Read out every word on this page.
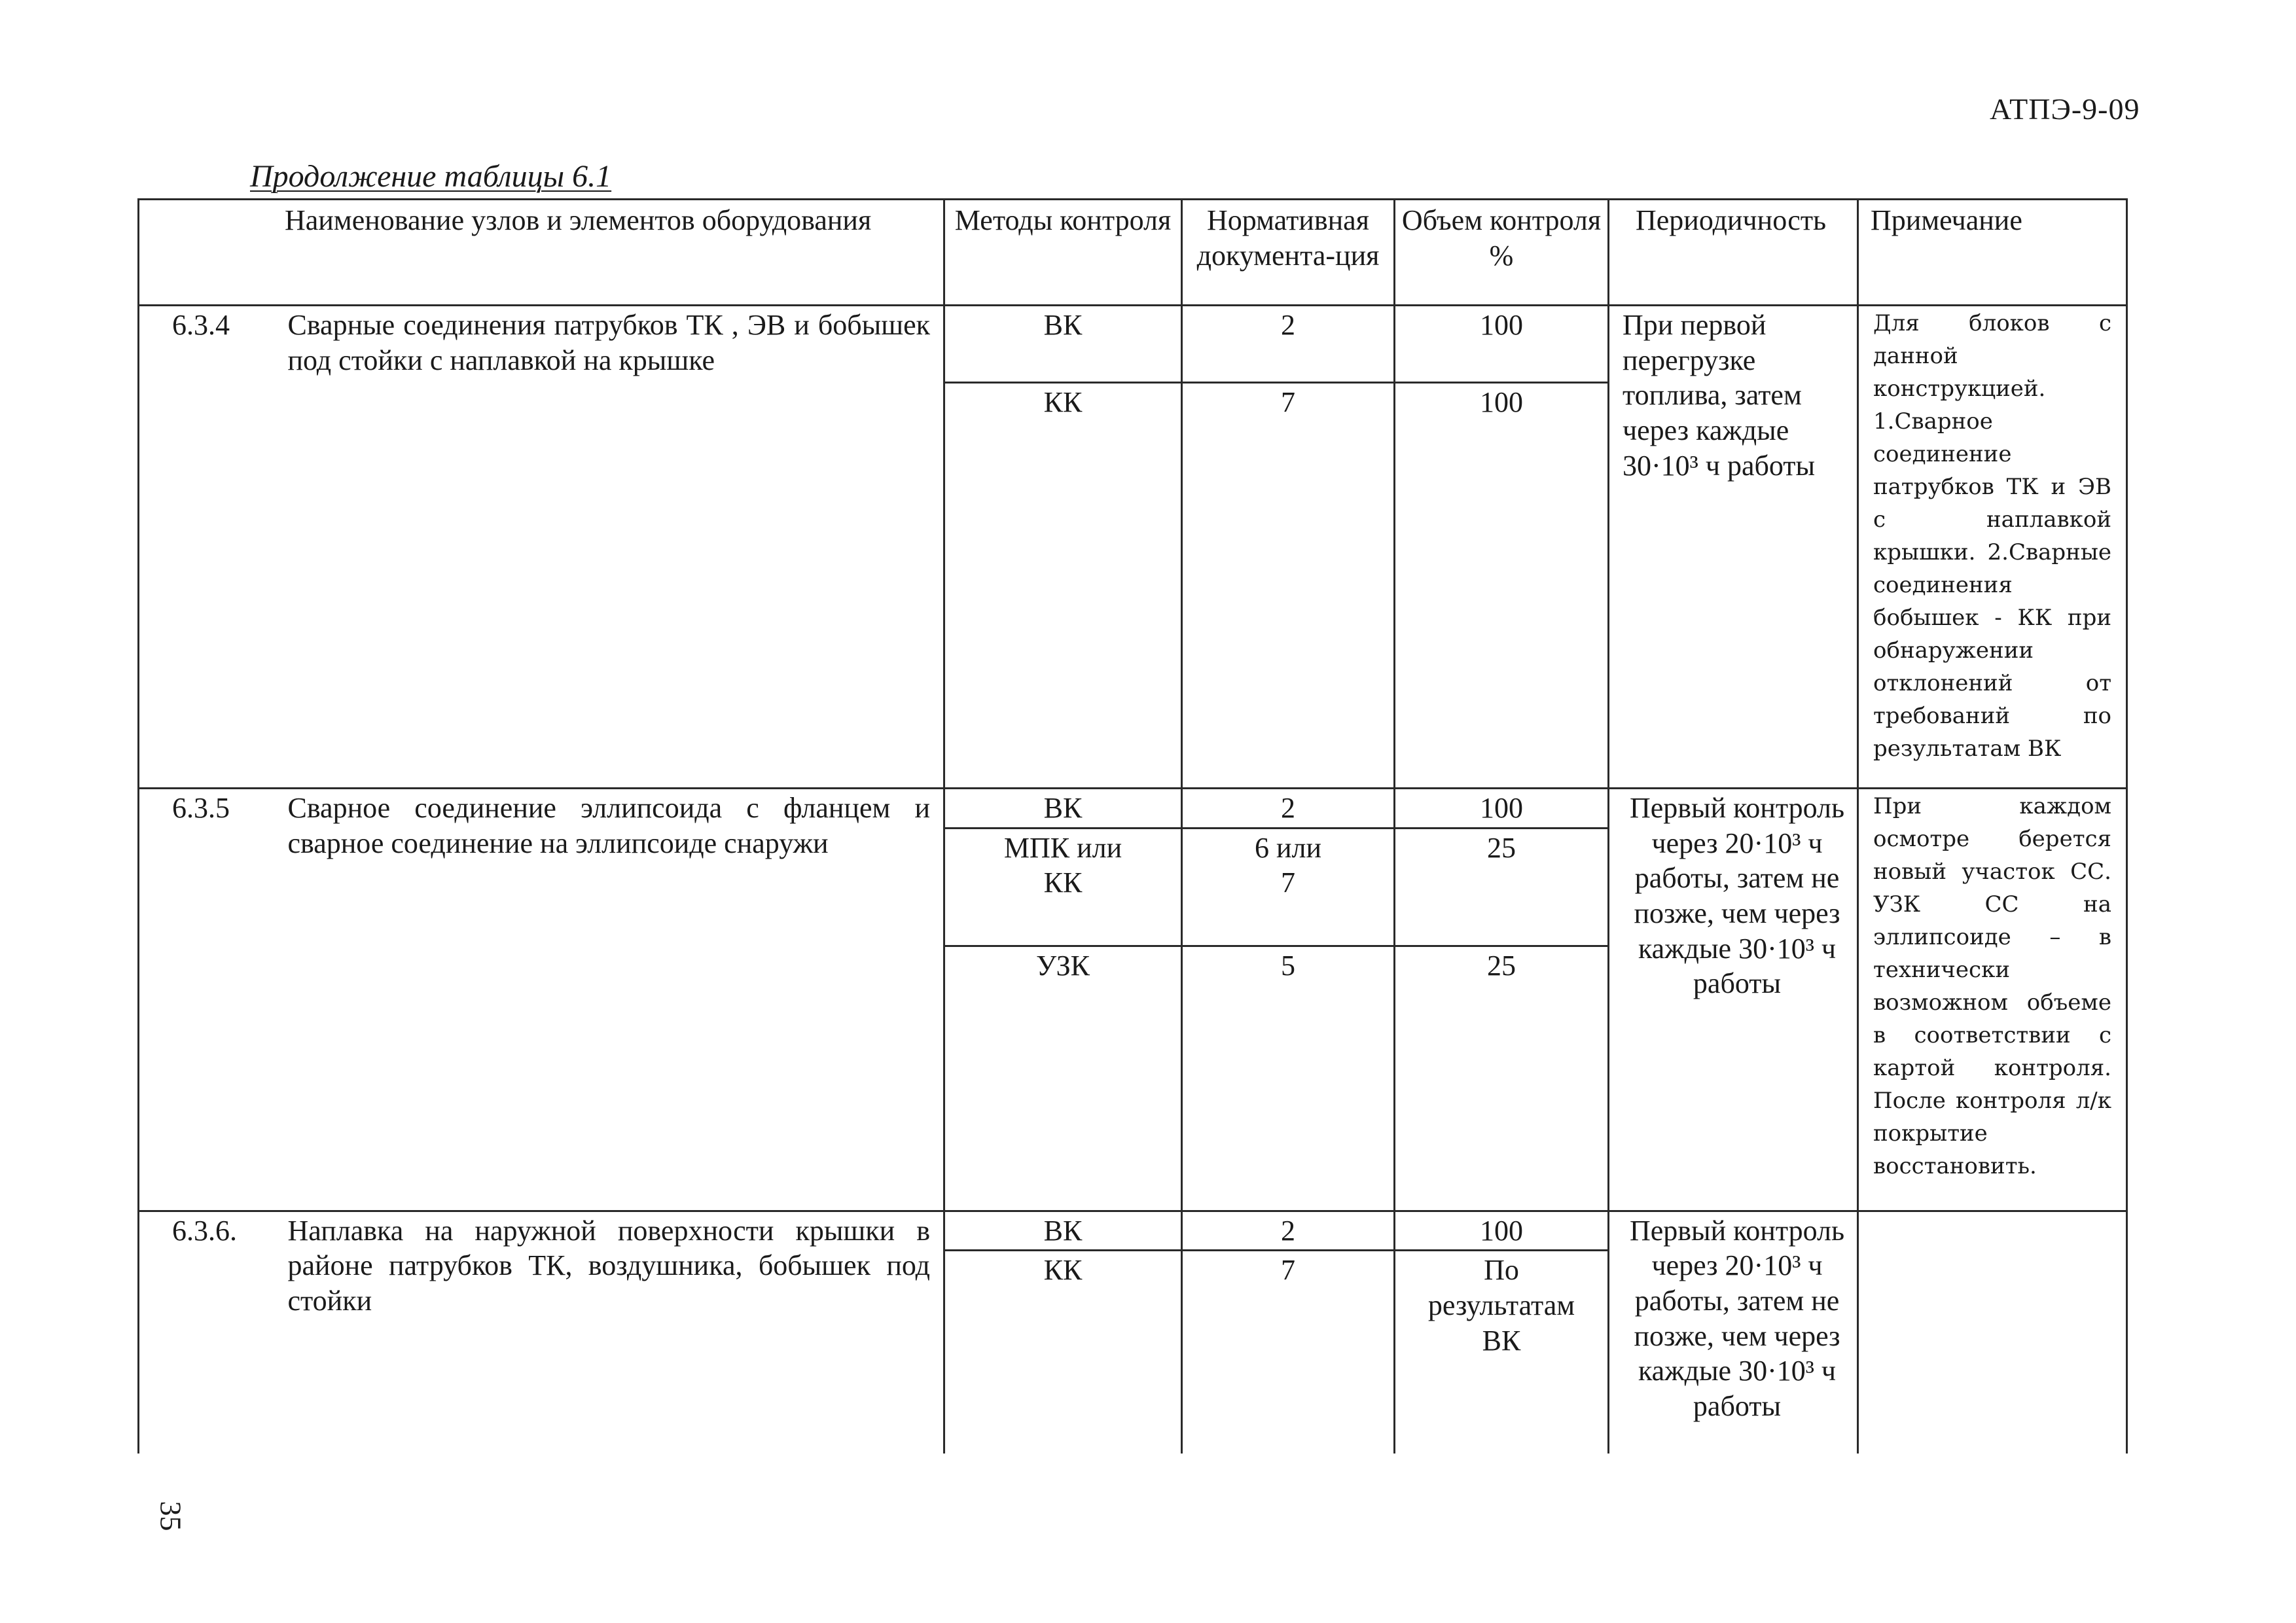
АТПЭ-9-09
Продолжение таблицы 6.1
Наименование узлов и элементов оборудования		Методы контроля	Нормативная документа-ция	Объем контроля %	Периодичность	Примечание
6.3.4	Сварные соединения патрубков ТК , ЭВ и бобышек под стойки с наплавкой на крышке	ВК	2	100	При первой перегрузке топлива, затем через каждые 30·10³ ч работы	Для блоков с данной конструкцией. 1.Сварное соединение патрубков ТК и ЭВ с наплавкой крышки. 2.Сварные соединения бобышек - КК при обнаружении отклонений от требований по результатам ВК
		КК	7	100		
6.3.5	Сварное соединение эллипсоида с фланцем и сварное соединение на эллипсоиде снаружи	ВК	2	100	Первый контроль через 20·10³ ч работы, затем не позже, чем через каждые 30·10³ ч работы	При каждом осмотре берется новый участок СС. УЗК СС на эллипсоиде – в технически возможном объеме в соответствии с картой контроля. После контроля л/к покрытие восстановить.
		МПК или КК	6 или 7	25		
		УЗК	5	25		
6.3.6.	Наплавка на наружной поверхности крышки в районе патрубков ТК, воздушника, бобышек под стойки	ВК	2	100	Первый контроль через 20·10³ ч работы, затем не позже, чем через каждые 30·10³ ч работы	
		КК	7	По результатам ВК		
35
